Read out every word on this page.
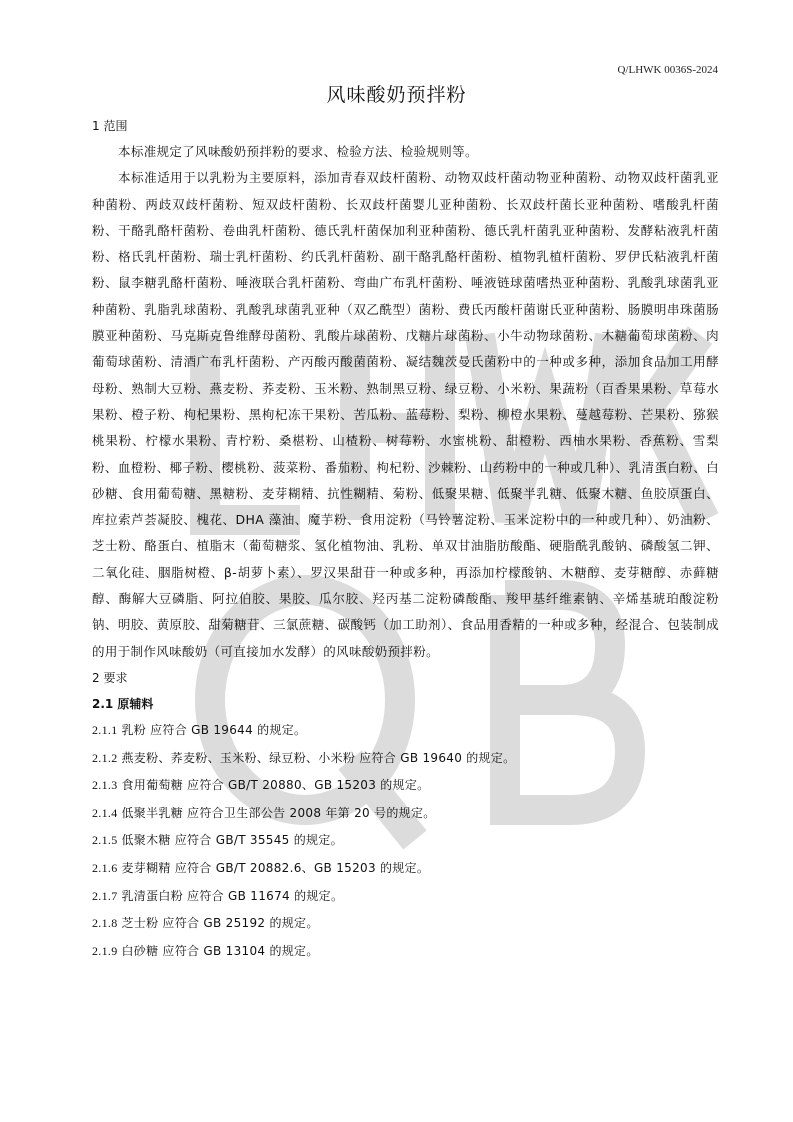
Q/LHWK 0036S-2024
风味酸奶预拌粉

1 范围

本标准规定了风味酸奶预拌粉的要求、检验方法、检验规则等。

本标准适用于以乳粉为主要原料，添加青春双歧杆菌粉、动物双歧杆菌动物亚种菌粉、动物双歧杆菌乳亚种菌粉、两歧双歧杆菌粉、短双歧杆菌粉、长双歧杆菌婴儿亚种菌粉、长双歧杆菌长亚种菌粉、嗜酸乳杆菌粉、干酪乳酪杆菌粉、卷曲乳杆菌粉、德氏乳杆菌保加利亚种菌粉、德氏乳杆菌乳亚种菌粉、发酵粘液乳杆菌粉、格氏乳杆菌粉、瑞士乳杆菌粉、约氏乳杆菌粉、副干酪乳酪杆菌粉、植物乳植杆菌粉、罗伊氏粘液乳杆菌粉、鼠李糖乳酪杆菌粉、唾液联合乳杆菌粉、弯曲广布乳杆菌粉、唾液链球菌嗜热亚种菌粉、乳酸乳球菌乳亚种菌粉、乳脂乳球菌粉、乳酸乳球菌乳亚种（双乙酰型）菌粉、费氏丙酸杆菌谢氏亚种菌粉、肠膜明串珠菌肠膜亚种菌粉、马克斯克鲁维酵母菌粉、乳酸片球菌粉、戊糖片球菌粉、小牛动物球菌粉、木糖葡萄球菌粉、肉葡萄球菌粉、清酒广布乳杆菌粉、产丙酸丙酸菌菌粉、凝结魏茨曼氏菌粉中的一种或多种，添加食品加工用酵母粉、熟制大豆粉、燕麦粉、荞麦粉、玉米粉、熟制黑豆粉、绿豆粉、小米粉、果蔬粉（百香果果粉、草莓水果粉、橙子粉、枸杞果粉、黑枸杞冻干果粉、苦瓜粉、蓝莓粉、梨粉、柳橙水果粉、蔓越莓粉、芒果粉、猕猴桃果粉、柠檬水果粉、青柠粉、桑椹粉、山楂粉、树莓粉、水蜜桃粉、甜橙粉、西柚水果粉、香蕉粉、雪梨粉、血橙粉、椰子粉、樱桃粉、菠菜粉、番茄粉、枸杞粉、沙棘粉、山药粉中的一种或几种）、乳清蛋白粉、白砂糖、食用葡萄糖、黑糖粉、麦芽糊精、抗性糊精、菊粉、低聚果糖、低聚半乳糖、低聚木糖、鱼胶原蛋白、库拉索芦荟凝胶、槐花、DHA 藻油、魔芋粉、食用淀粉（马铃薯淀粉、玉米淀粉中的一种或几种）、奶油粉、芝士粉、酪蛋白、植脂末（葡萄糖浆、氢化植物油、乳粉、单双甘油脂肪酸酯、硬脂酰乳酸钠、磷酸氢二钾、二氧化硅、胭脂树橙、β-胡萝卜素）、罗汉果甜苷一种或多种，再添加柠檬酸钠、木糖醇、麦芽糖醇、赤藓糖醇、酶解大豆磷脂、阿拉伯胶、果胶、瓜尔胶、羟丙基二淀粉磷酸酯、羧甲基纤维素钠、辛烯基琥珀酸淀粉钠、明胶、黄原胶、甜菊糖苷、三氯蔗糖、碳酸钙（加工助剂）、食品用香精的一种或多种，经混合、包装制成的用于制作风味酸奶（可直接加水发酵）的风味酸奶预拌粉。

2 要求

2.1 原辅料

2.1.1 乳粉 应符合 GB 19644 的规定。

2.1.2 燕麦粉、荞麦粉、玉米粉、绿豆粉、小米粉 应符合 GB 19640 的规定。

2.1.3 食用葡萄糖 应符合 GB/T 20880、GB 15203 的规定。

2.1.4 低聚半乳糖 应符合卫生部公告 2008 年第 20 号的规定。

2.1.5 低聚木糖 应符合 GB/T 35545 的规定。

2.1.6 麦芽糊精 应符合 GB/T 20882.6、GB 15203 的规定。

2.1.7 乳清蛋白粉 应符合 GB 11674 的规定。

2.1.8 芝士粉 应符合 GB 25192 的规定。

2.1.9 白砂糖 应符合 GB 13104 的规定。
